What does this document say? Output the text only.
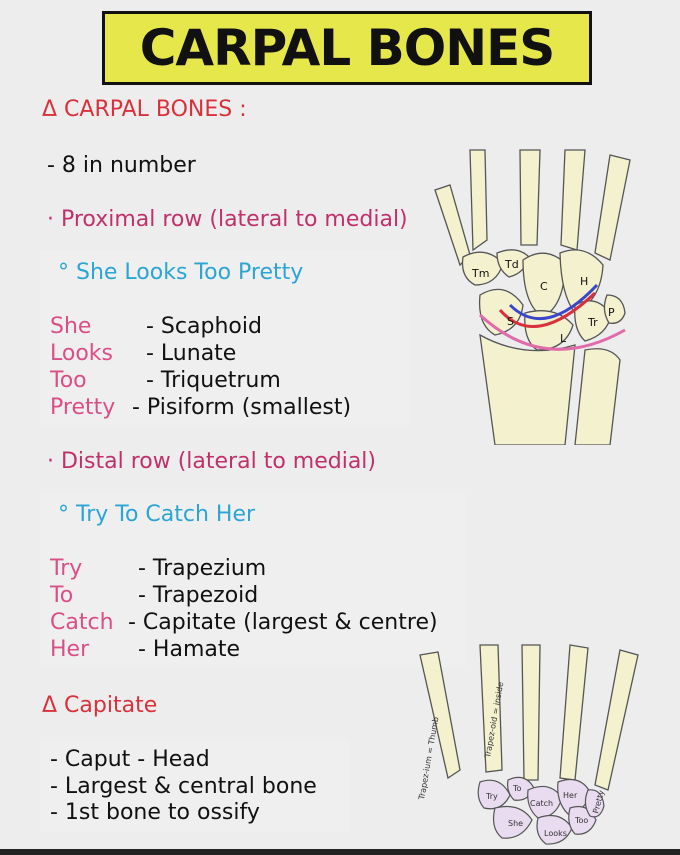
CARPAL BONES
Δ CARPAL BONES :
- 8 in number
· Proximal row (lateral to medial)
° She Looks Too Pretty
She - Scaphoid
Looks - Lunate
Too	- Triquetrum
Pretty - Pisiform (smallest)
· Distal row (lateral to medial)
° Try To Catch Her
Try	- Trapezium
To	- Trapezoid
Catch - Capitate (largest & centre)
Her - Hamate
Δ Capitate
- Caput - Head
- Largest & central bone
- 1st bone to ossify
Tm
Td
C	H
S
L
Tr
P
Trapez-ium = Thumb	Trapez-oid = inside
Try
To
Catch
Her
She
Looks
Too
Pretty
